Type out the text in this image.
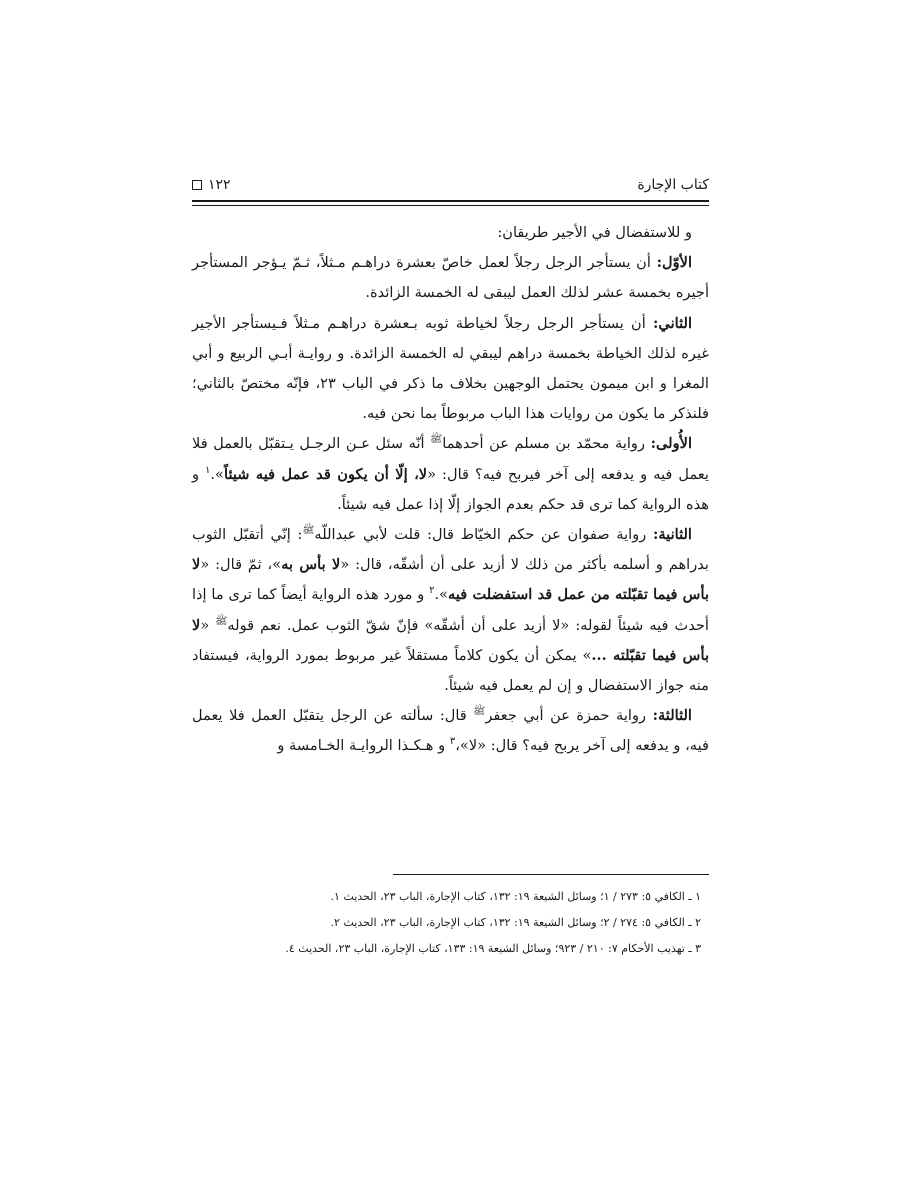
كتاب الإجارة
١٢٢

و للاستفضال في الأجير طريقان:

الأوّل: أن يستأجر الرجل رجلاً لعمل خاصّ بعشرة دراهـم مـثلاً، ثـمّ يـؤجر المستأجر أجيره بخمسة عشر لذلك العمل ليبقى له الخمسة الزائدة.

الثاني: أن يستأجر الرجل رجلاً لخياطة ثوبه بـعشرة دراهـم مـثلاً فـيستأجر الأجير غيره لذلك الخياطة بخمسة دراهم ليبقي له الخمسة الزائدة. و روايـة أبـي الربيع و أبي المغرا و ابن ميمون يحتمل الوجهين بخلاف ما ذكر في الباب ٢٣، فإنّه مختصّ بالثاني؛ فلنذكر ما يكون من روايات هذا الباب مربوطاً بما نحن فيه.

الأُولى: رواية محمّد بن مسلم عن أحدهما$^ﷺ$ أنّه سئل عـن الرجـل يـتقبّل بالعمل فلا يعمل فيه و يدفعه إلى آخر فيربح فيه؟ قال: «لا، إلّا أن يكون قد عمل فيه شيئاً».$^١$ و هذه الرواية كما ترى قد حكم بعدم الجواز إلّا إذا عمل فيه شيئاً.

الثانية: رواية صفوان عن حكم الخيّاط قال: قلت لأبي عبداللّه$^ﷺ$: إنّي أتقبّل الثوب بدراهم و أسلمه بأكثر من ذلك لا أزيد على أن أشقّه، قال: «لا بأس به»، ثمّ قال: «لا بأس فيما تقبّلته من عمل قد استفضلت فيه».$^٢$ و مورد هذه الرواية أيضاً كما ترى ما إذا أحدث فيه شيئاً لقوله: «لا أزيد على أن أشقّه» فإنّ شقّ الثوب عمل. نعم قوله$^ﷺ$ «لا بأس فيما تقبّلته ...» يمكن أن يكون كلاماً مستقلاً غير مربوط بمورد الرواية، فيستفاد منه جواز الاستفضال و إن لم يعمل فيه شيئاً.

الثالثة: رواية حمزة عن أبي جعفر$^ﷺ$ قال: سألته عن الرجل يتقبّل العمل فلا يعمل فيه، و يدفعه إلى آخر يربح فيه؟ قال: «لا»،$^٣$ و هـكـذا الروايـة الخـامسة و

١ ـ الكافي ٥: ٢٧٣ / ١؛ وسائل الشيعة ١٩: ١٣٢، كتاب الإجارة، الباب ٢٣، الحديث ١.

٢ ـ الكافي ٥: ٢٧٤ / ٢؛ وسائل الشيعة ١٩: ١٣٢، كتاب الإجارة، الباب ٢٣، الحديث ٢.

٣ ـ تهذيب الأحكام ٧: ٢١٠ / ٩٢٣؛ وسائل الشيعة ١٩: ١٣٣، كتاب الإجارة، الباب ٢٣، الحديث ٤.
